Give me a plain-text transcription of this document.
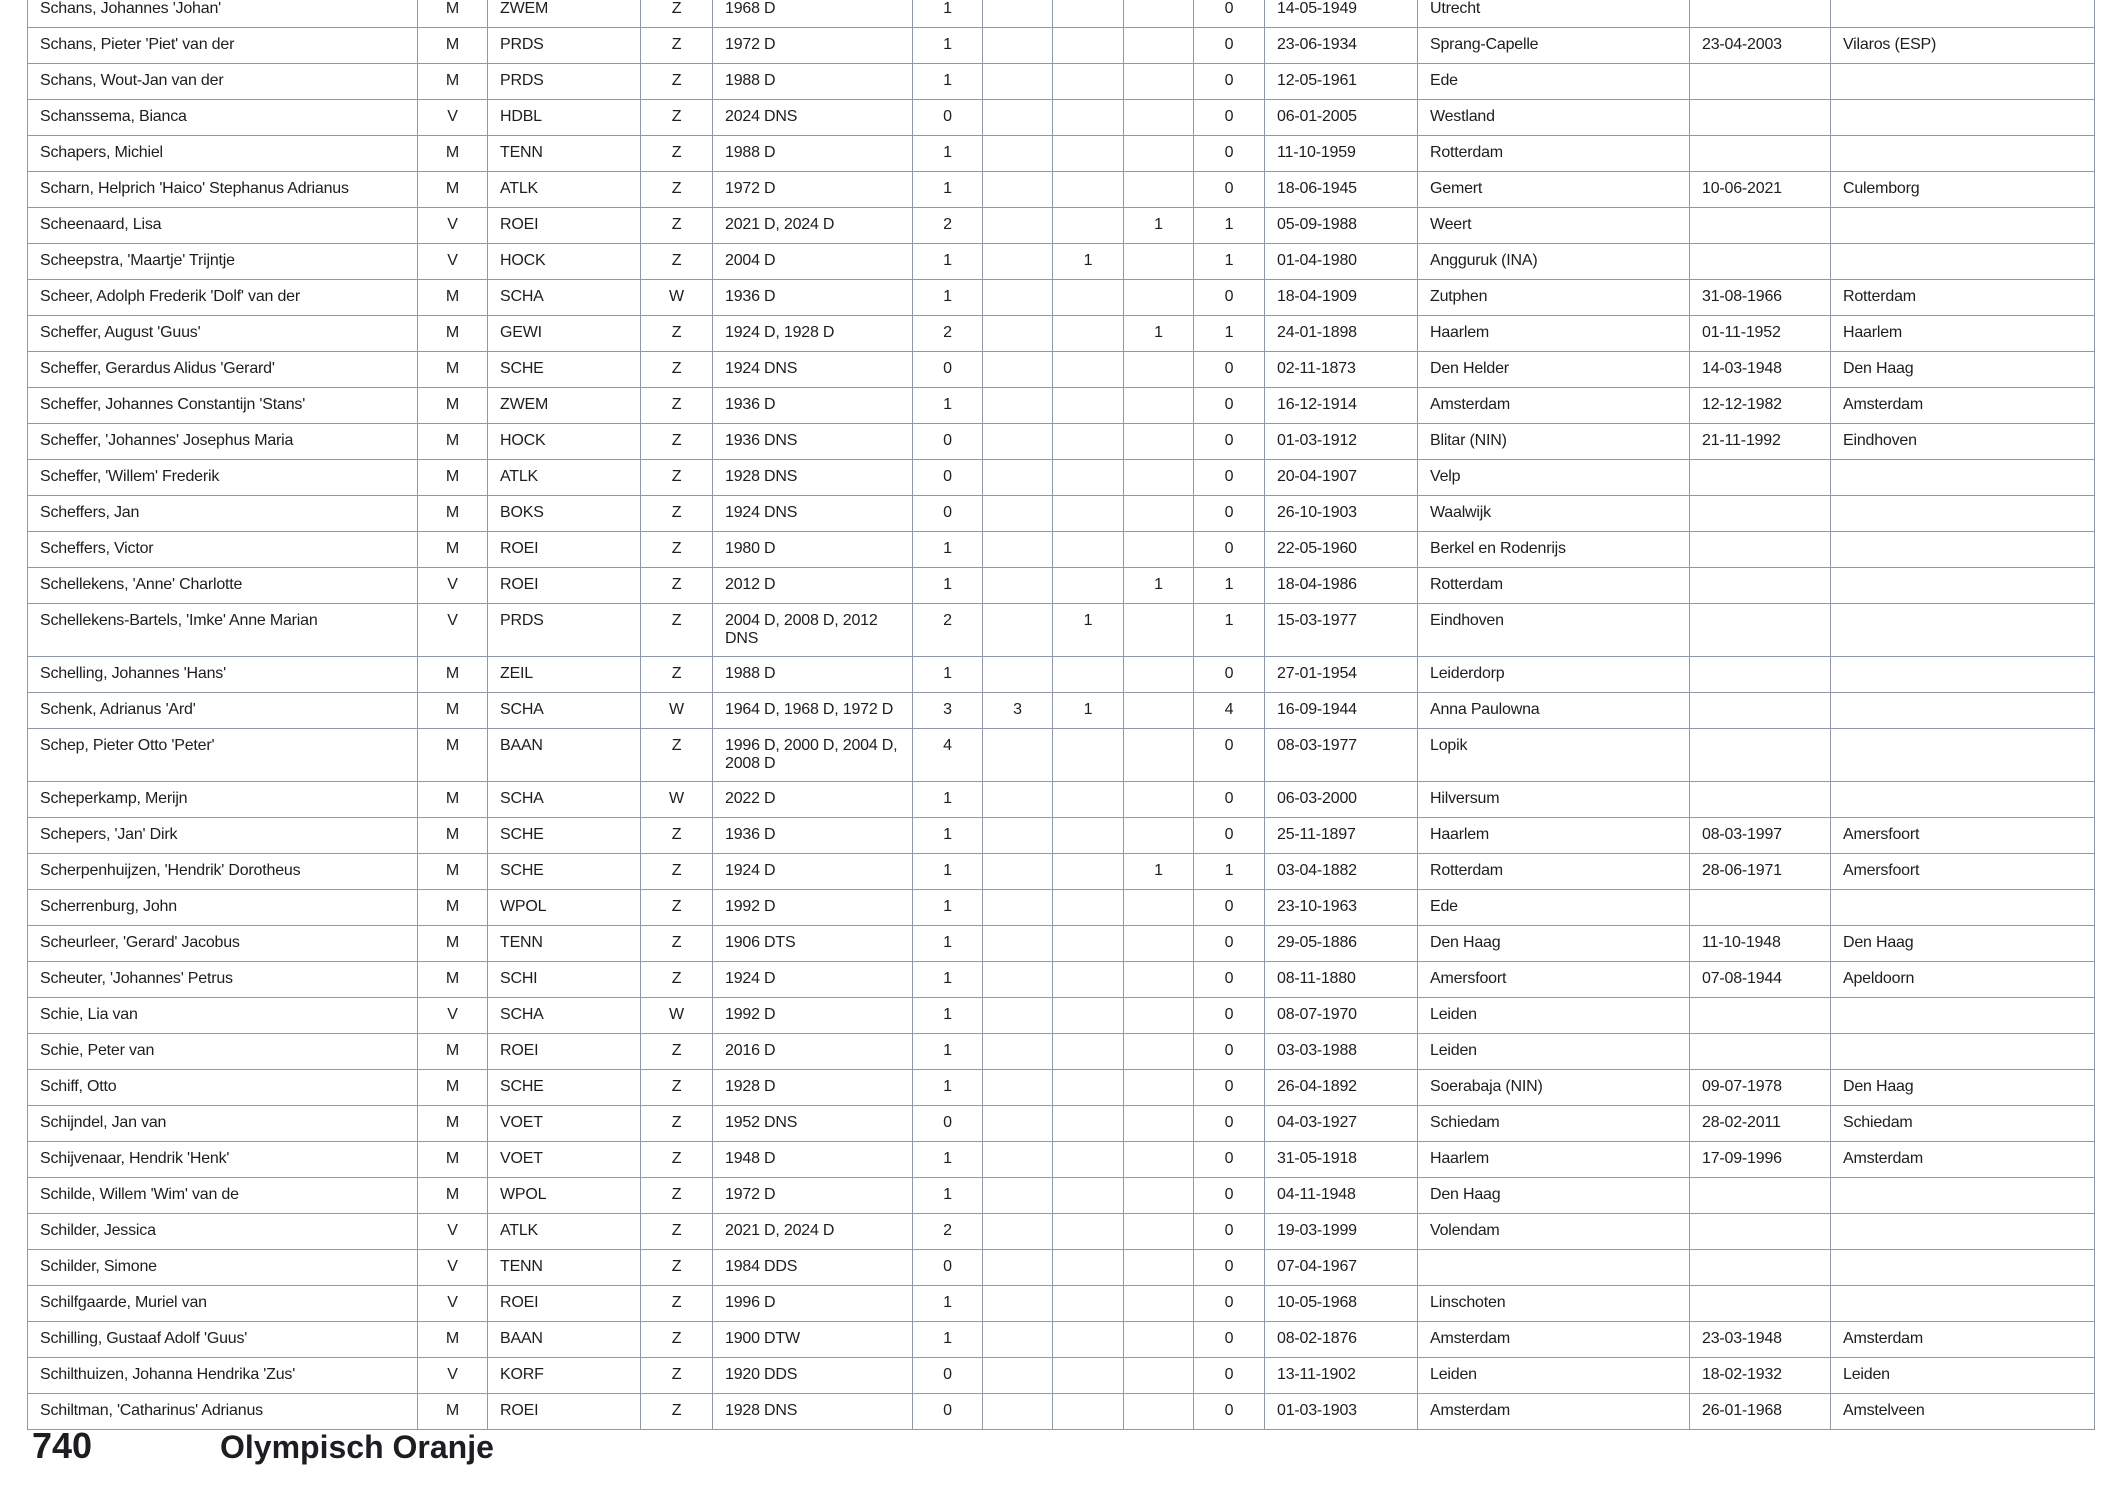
Schans, Johannes 'Johan'	M	ZWEM	Z	1968 D	1				0	14-05-1949	Utrecht		
Schans, Pieter 'Piet' van der	M	PRDS	Z	1972 D	1				0	23-06-1934	Sprang-Capelle	23-04-2003	Vilaros (ESP)
Schans, Wout-Jan van der	M	PRDS	Z	1988 D	1				0	12-05-1961	Ede		
Schanssema, Bianca	V	HDBL	Z	2024 DNS	0				0	06-01-2005	Westland		
Schapers, Michiel	M	TENN	Z	1988 D	1				0	11-10-1959	Rotterdam		
Scharn, Helprich 'Haico' Stephanus Adrianus	M	ATLK	Z	1972 D	1				0	18-06-1945	Gemert	10-06-2021	Culemborg
Scheenaard, Lisa	V	ROEI	Z	2021 D, 2024 D	2			1	1	05-09-1988	Weert		
Scheepstra, 'Maartje' Trijntje	V	HOCK	Z	2004 D	1		1		1	01-04-1980	Angguruk (INA)		
Scheer, Adolph Frederik 'Dolf' van der	M	SCHA	W	1936 D	1				0	18-04-1909	Zutphen	31-08-1966	Rotterdam
Scheffer, August 'Guus'	M	GEWI	Z	1924 D, 1928 D	2			1	1	24-01-1898	Haarlem	01-11-1952	Haarlem
Scheffer, Gerardus Alidus 'Gerard'	M	SCHE	Z	1924 DNS	0				0	02-11-1873	Den Helder	14-03-1948	Den Haag
Scheffer, Johannes Constantijn 'Stans'	M	ZWEM	Z	1936 D	1				0	16-12-1914	Amsterdam	12-12-1982	Amsterdam
Scheffer, 'Johannes' Josephus Maria	M	HOCK	Z	1936 DNS	0				0	01-03-1912	Blitar (NIN)	21-11-1992	Eindhoven
Scheffer, 'Willem' Frederik	M	ATLK	Z	1928 DNS	0				0	20-04-1907	Velp		
Scheffers, Jan	M	BOKS	Z	1924 DNS	0				0	26-10-1903	Waalwijk		
Scheffers, Victor	M	ROEI	Z	1980 D	1				0	22-05-1960	Berkel en Rodenrijs		
Schellekens, 'Anne' Charlotte	V	ROEI	Z	2012 D	1			1	1	18-04-1986	Rotterdam		
Schellekens-Bartels, 'Imke' Anne Marian	V	PRDS	Z	2004 D, 2008 D, 2012 DNS	2		1		1	15-03-1977	Eindhoven		
Schelling, Johannes 'Hans'	M	ZEIL	Z	1988 D	1				0	27-01-1954	Leiderdorp		
Schenk, Adrianus 'Ard'	M	SCHA	W	1964 D, 1968 D, 1972 D	3	3	1		4	16-09-1944	Anna Paulowna		
Schep, Pieter Otto 'Peter'	M	BAAN	Z	1996 D, 2000 D, 2004 D, 2008 D	4				0	08-03-1977	Lopik		
Scheperkamp, Merijn	M	SCHA	W	2022 D	1				0	06-03-2000	Hilversum		
Schepers, 'Jan' Dirk	M	SCHE	Z	1936 D	1				0	25-11-1897	Haarlem	08-03-1997	Amersfoort
Scherpenhuijzen, 'Hendrik' Dorotheus	M	SCHE	Z	1924 D	1			1	1	03-04-1882	Rotterdam	28-06-1971	Amersfoort
Scherrenburg, John	M	WPOL	Z	1992 D	1				0	23-10-1963	Ede		
Scheurleer, 'Gerard' Jacobus	M	TENN	Z	1906 DTS	1				0	29-05-1886	Den Haag	11-10-1948	Den Haag
Scheuter, 'Johannes' Petrus	M	SCHI	Z	1924 D	1				0	08-11-1880	Amersfoort	07-08-1944	Apeldoorn
Schie, Lia van	V	SCHA	W	1992 D	1				0	08-07-1970	Leiden		
Schie, Peter van	M	ROEI	Z	2016 D	1				0	03-03-1988	Leiden		
Schiff, Otto	M	SCHE	Z	1928 D	1				0	26-04-1892	Soerabaja (NIN)	09-07-1978	Den Haag
Schijndel, Jan van	M	VOET	Z	1952 DNS	0				0	04-03-1927	Schiedam	28-02-2011	Schiedam
Schijvenaar, Hendrik 'Henk'	M	VOET	Z	1948 D	1				0	31-05-1918	Haarlem	17-09-1996	Amsterdam
Schilde, Willem 'Wim' van de	M	WPOL	Z	1972 D	1				0	04-11-1948	Den Haag		
Schilder, Jessica	V	ATLK	Z	2021 D, 2024 D	2				0	19-03-1999	Volendam		
Schilder, Simone	V	TENN	Z	1984 DDS	0				0	07-04-1967			
Schilfgaarde, Muriel van	V	ROEI	Z	1996 D	1				0	10-05-1968	Linschoten		
Schilling, Gustaaf Adolf 'Guus'	M	BAAN	Z	1900 DTW	1				0	08-02-1876	Amsterdam	23-03-1948	Amsterdam
Schilthuizen, Johanna Hendrika 'Zus'	V	KORF	Z	1920 DDS	0				0	13-11-1902	Leiden	18-02-1932	Leiden
Schiltman, 'Catharinus' Adrianus	M	ROEI	Z	1928 DNS	0				0	01-03-1903	Amsterdam	26-01-1968	Amstelveen
740	Olympisch Oranje
